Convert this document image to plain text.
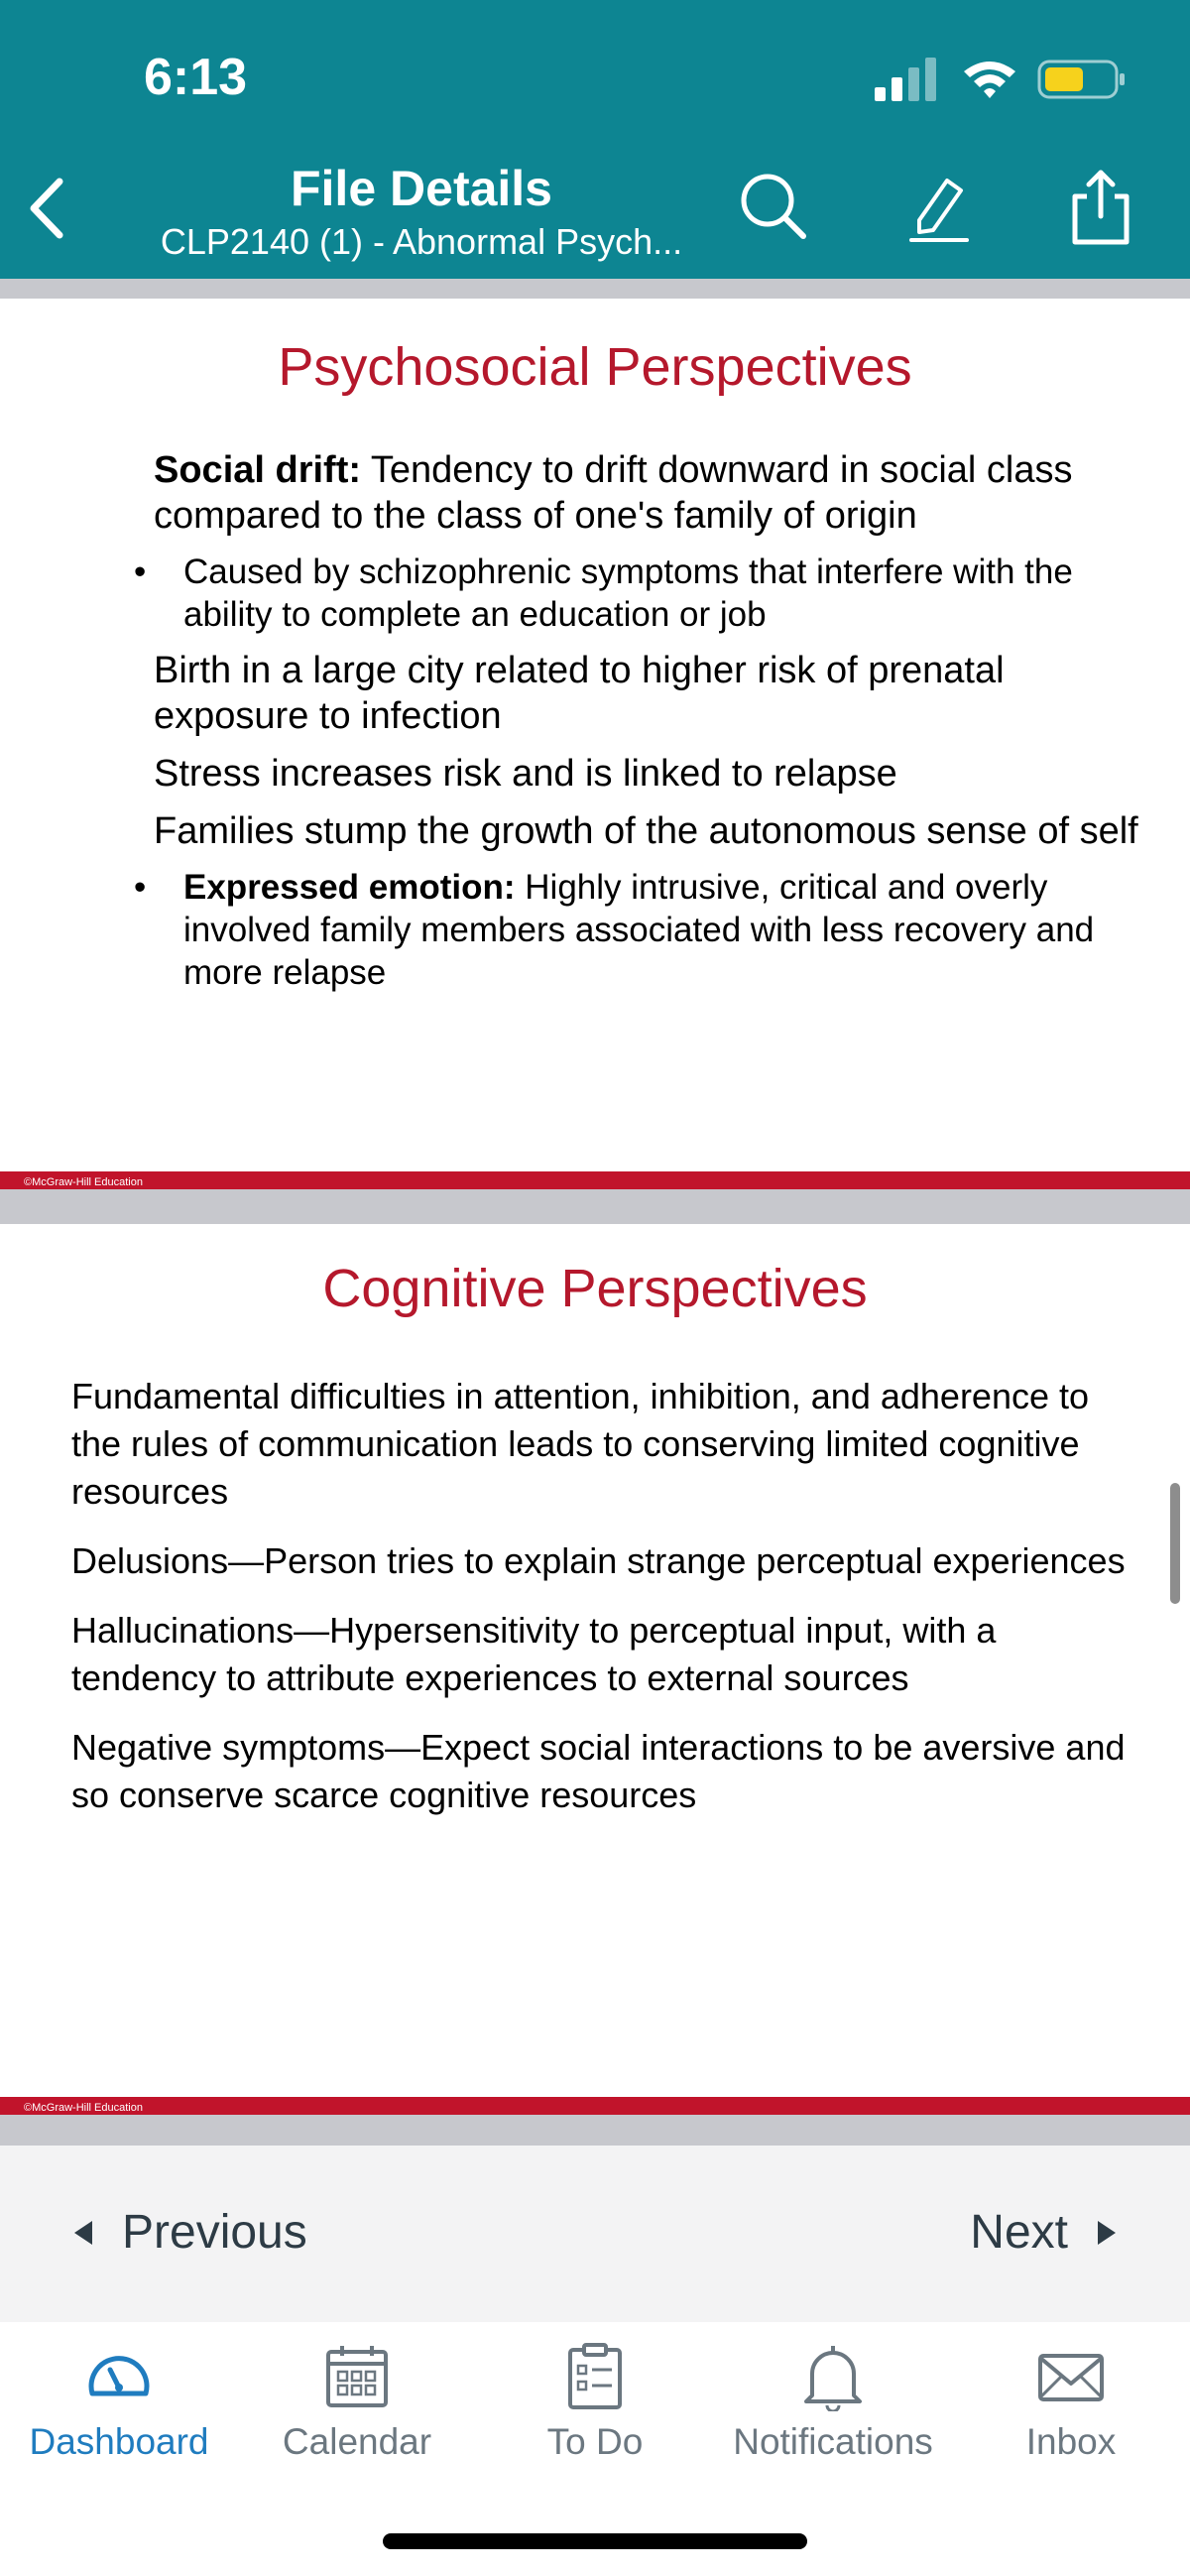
6:13
File Details
CLP2140 (1) - Abnormal Psych...
Psychosocial Perspectives
Social drift: Tendency to drift downward in social class compared to the class of one's family of origin
• Caused by schizophrenic symptoms that interfere with the ability to complete an education or job
Birth in a large city related to higher risk of prenatal exposure to infection
Stress increases risk and is linked to relapse
Families stump the growth of the autonomous sense of self
• Expressed emotion: Highly intrusive, critical and overly involved family members associated with less recovery and more relapse
©McGraw-Hill Education
Cognitive Perspectives
Fundamental difficulties in attention, inhibition, and adherence to the rules of communication leads to conserving limited cognitive resources
Delusions—Person tries to explain strange perceptual experiences
Hallucinations—Hypersensitivity to perceptual input, with a tendency to attribute experiences to external sources
Negative symptoms—Expect social interactions to be aversive and so conserve scarce cognitive resources
©McGraw-Hill Education
Previous	Next
Dashboard	Calendar	To Do	Notifications	Inbox
